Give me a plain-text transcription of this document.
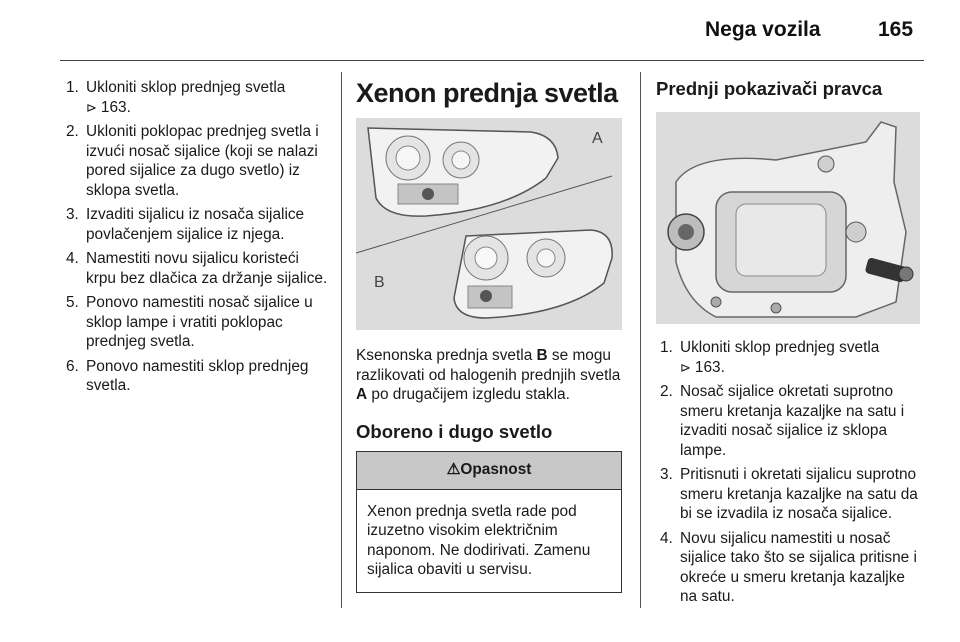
Nega vozila	165
1. Ukloniti sklop prednjeg svetla
⊳ 163.
2. Ukloniti poklopac prednjeg svetla i izvući nosač sijalice (koji se nalazi pored sijalice za dugo svetlo) iz sklopa svetla.
3. Izvaditi sijalicu iz nosača sijalice povlačenjem sijalice iz njega.
4. Namestiti novu sijalicu koristeći krpu bez dlačica za držanje sijalice.
5. Ponovo namestiti nosač sijalice u sklop lampe i vratiti poklopac prednjeg svetla.
6. Ponovo namestiti sklop prednjeg svetla.
Xenon prednja svetla
A
B

Ksenonska prednja svetla B se mogu razlikovati od halogenih prednjih svetla A po drugačijem izgledu stakla.

Oboreno i dugo svetlo
⚠Opasnost
Xenon prednja svetla rade pod izuzetno visokim električnim naponom. Ne dodirivati. Zamenu sijalica obaviti u servisu.
Prednji pokazivači pravca
1. Ukloniti sklop prednjeg svetla
⊳ 163.
2. Nosač sijalice okretati suprotno smeru kretanja kazaljke na satu i izvaditi nosač sijalice iz sklopa lampe.
3. Pritisnuti i okretati sijalicu suprotno smeru kretanja kazaljke na satu da bi se izvadila iz nosača sijalice.
4. Novu sijalicu namestiti u nosač sijalice tako što se sijalica pritisne i okreće u smeru kretanja kazaljke na satu.
